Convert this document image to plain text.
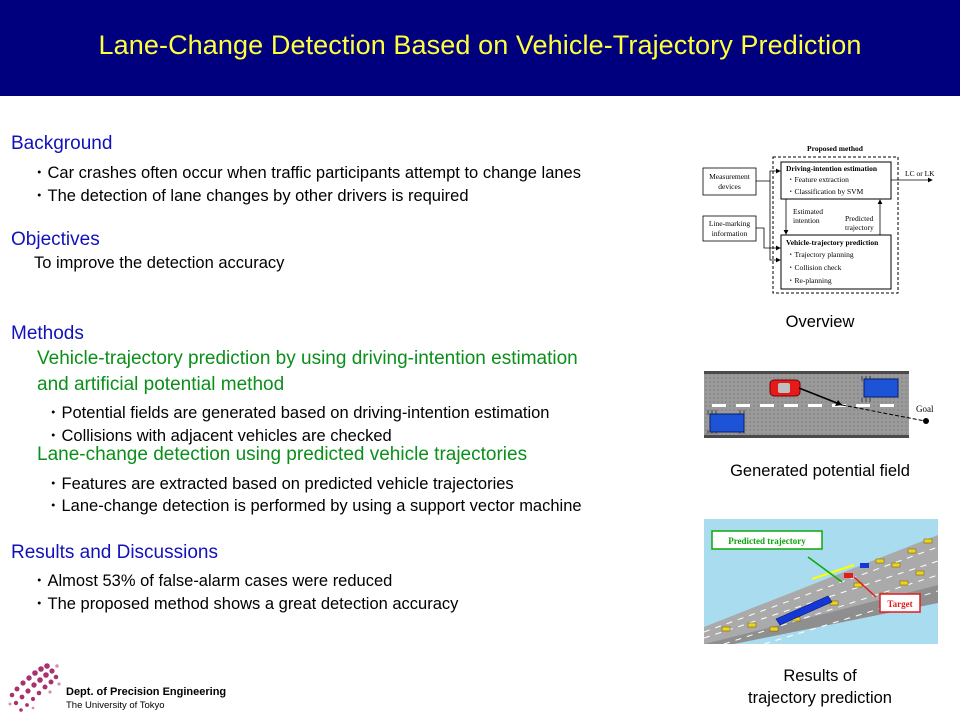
Lane-Change Detection Based on Vehicle-Trajectory Prediction
Background
・Car crashes often occur when traffic participants attempt to change lanes
・The detection of lane changes by other drivers is required
Objectives
To improve the detection accuracy
Methods
Vehicle-trajectory prediction by using driving-intention estimation
and artificial potential method
・Potential fields are generated based on driving-intention estimation
・Collisions with adjacent vehicles are checked
Lane-change detection using predicted vehicle trajectories
・Features are extracted based on predicted vehicle trajectories
・Lane-change detection is performed by using a support vector machine
Results and Discussions
・Almost 53% of false-alarm cases were reduced
・The proposed method shows a great detection accuracy
Proposed method
Measurement
devices
Line-marking
information
Driving-intention estimation
・Feature extraction
・Classification by SVM
Vehicle-trajectory prediction
・Trajectory planning
・Collision check
・Re-planning
Estimated
intention	Predicted
trajectory
LC or LK
Overview
Goal
Generated potential field
Predicted trajectory
Target
Results of
trajectory prediction
Dept. of Precision Engineering
The University of Tokyo
